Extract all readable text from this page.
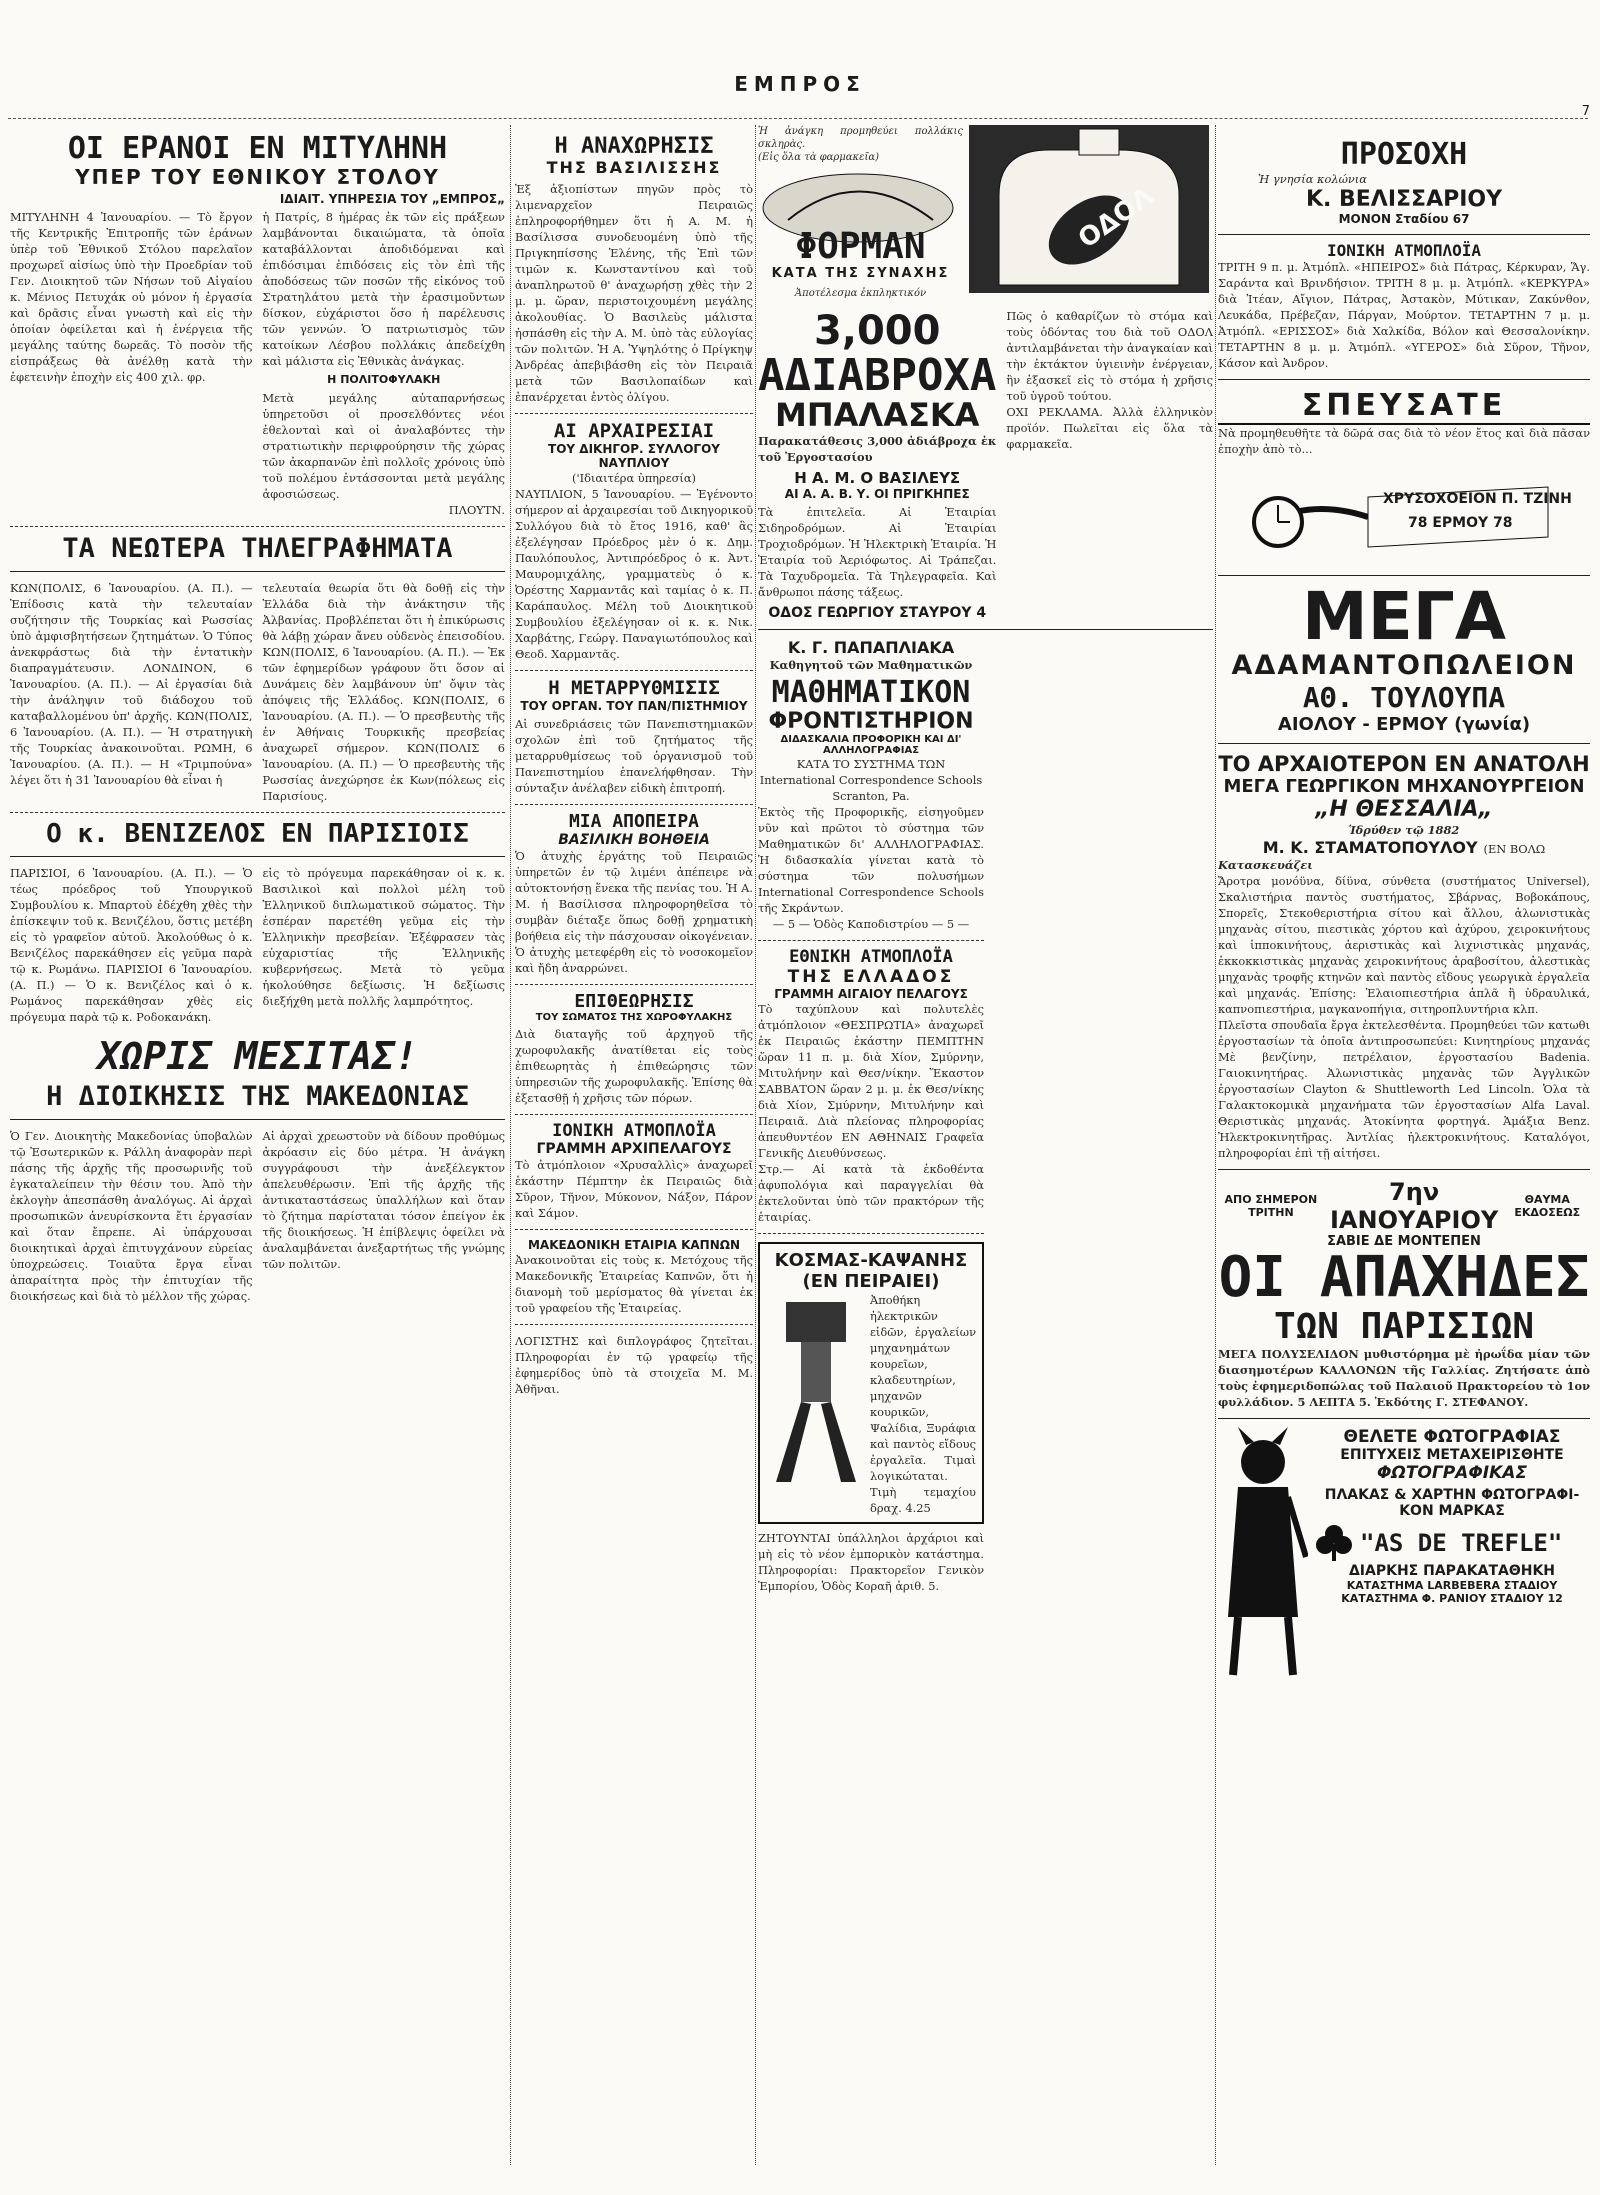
ΕΜΠΡΟΣ
7
ΟΙ ΕΡΑΝΟΙ ΕΝ ΜΙΤΥΛΗΝΗ
ΥΠΕΡ ΤΟΥ ΕΘΝΙΚΟΥ ΣΤΟΛΟΥ
ΙΔΙΑΙΤ. ΥΠΗΡΕΣΙΑ ΤΟΥ „ΕΜΠΡΟΣ„
ΜΙΤΥΛΗΝΗ 4 Ἰανουαρίου. — Τὸ ἔργον τῆς Κεντρικῆς Ἐπιτροπῆς τῶν ἐράνων ὑπὲρ τοῦ Ἐθνικοῦ Στόλου παρελαῖον προχωρεῖ αἰσίως ὑπὸ τὴν Προεδρίαν τοῦ Γεν. Διοικητοῦ τῶν Νήσων τοῦ Αἰγαίου κ. Μένιος Πετυχάκ οὐ μόνον ἡ ἐργασία καὶ δρᾶσις εἶναι γνωστὴ καὶ εἰς τὴν ὁποίαν ὀφείλεται καὶ ἡ ἐνέργεια τῆς μεγάλης ταύτης δωρεᾶς. Τὸ ποσὸν τῆς εἰσπράξεως θὰ ἀνέλθῃ κατὰ τὴν ἐφετεινὴν ἐποχὴν εἰς 400 χιλ. φρ.
ἡ Πατρίς, 8 ἡμέρας ἐκ τῶν εἰς πράξεων λαμβάνονται δικαιώματα, τὰ ὁποῖα καταβάλλονται ἀποδιδόμεναι καὶ ἐπιδόσιμαι ἐπιδόσεις εἰς τὸν ἐπὶ τῆς ἀποδόσεως τῶν ποσῶν τῆς εἰκόνος τοῦ Στρατηλάτου μετὰ τὴν ἐρασιμοῦντων δίσκον, εὐχάριστοι ὅσο ἡ παρέλευσις τῶν γεννών. Ὁ πατριωτισμὸς τῶν κατοίκων Λέσβου πολλάκις ἀπεδείχθη καὶ μάλιστα εἰς Ἐθνικὰς ἀνάγκας.
Η ΠΟΛΙΤΟΦΥΛΑΚΗ
Μετὰ μεγάλης αὐταπαρνήσεως ὑπηρετοῦσι οἱ προσελθόντες νέοι ἐθελονταὶ καὶ οἱ ἀναλαβόντες τὴν στρατιωτικὴν περιφρούρησιν τῆς χώρας τῶν ἀκαρπανῶν ἐπὶ πολλοῖς χρόνοις ὑπὸ τοῦ πολέμου ἐντάσσονται μετὰ μεγάλης ἀφοσιώσεως.
ΠΛΟΥΤΝ.
ΤΑ ΝΕΩΤΕΡΑ ΤΗΛΕΓΡΑΦΗΜΑΤΑ
ΚΩΝ(ΠΟΛΙΣ, 6 Ἰανουαρίου. (Α. Π.). — Ἐπίδοσις κατὰ τὴν τελευταίαν συζήτησιν τῆς Τουρκίας καὶ Ρωσσίας ὑπὸ ἀμφισβητήσεων ζητημάτων. Ὁ Τύπος ἀνεκφράστως διὰ τὴν ἐντατικὴν διαπραγμάτευσιν. ΛΟΝΔΙΝΟΝ, 6 Ἰανουαρίου. (Α. Π.). — Αἱ ἐργασίαι διὰ τὴν ἀνάληψιν τοῦ διάδοχου τοῦ καταβαλλομένου ὑπ' ἀρχῆς. ΚΩΝ(ΠΟΛΙΣ, 6 Ἰανουαρίου. (Α. Π.). — Ἡ στρατηγικὴ τῆς Τουρκίας ἀνακοινοῦται. ΡΩΜΗ, 6 Ἰανουαρίου. (Α. Π.). — Η «Τριμπούνα» λέγει ὅτι ἡ 31 Ἰανουαρίου θὰ εἶναι ἡ
τελευταία θεωρία ὅτι θὰ δοθῇ εἰς τὴν Ἑλλάδα διὰ τὴν ἀνάκτησιν τῆς Ἀλβανίας. Προβλέπεται ὅτι ἡ ἐπικύρωσις θὰ λάβῃ χώραν ἄνευ οὐδενὸς ἐπεισοδίου. ΚΩΝ(ΠΟΛΙΣ, 6 Ἰανουαρίου. (Α. Π.). — Ἐκ τῶν ἐφημερίδων γράφουν ὅτι ὅσον αἱ Δυνάμεις δὲν λαμβάνουν ὑπ' ὄψιν τὰς ἀπόψεις τῆς Ἑλλάδος. ΚΩΝ(ΠΟΛΙΣ, 6 Ἰανουαρίου. (Α. Π.). — Ὁ πρεσβευτὴς τῆς ἐν Ἀθήναις Τουρκικῆς πρεσβείας ἀναχωρεῖ σήμερον. ΚΩΝ(ΠΟΛΙΣ 6 Ἰανουαρίου. (Α. Π.) — Ὁ πρεσβευτὴς τῆς Ρωσσίας ἀνεχώρησε ἐκ Κων(πόλεως εἰς Παρισίους.
Ο κ. ΒΕΝΙΖΕΛΟΣ ΕΝ ΠΑΡΙΣΙΟΙΣ
ΠΑΡΙΣΙΟΙ, 6 Ἰανουαρίου. (Α. Π.). — Ὁ τέως πρόεδρος τοῦ Υπουργικοῦ Συμβουλίου κ. Μπαρτοὺ ἐδέχθη χθὲς τὴν ἐπίσκεψιν τοῦ κ. Βενιζέλου, ὅστις μετέβη εἰς τὸ γραφεῖον αὐτοῦ. Ἀκολούθως ὁ κ. Βενιζέλος παρεκάθησεν εἰς γεῦμα παρὰ τῷ κ. Ρωμάνω. ΠΑΡΙΣΙΟΙ 6 Ἰανουαρίου. (Α. Π.) — Ὁ κ. Βενιζέλος καὶ ὁ κ. Ρωμάνος παρεκάθησαν χθὲς εἰς πρόγευμα παρὰ τῷ κ. Ροδοκανάκη.
εἰς τὸ πρόγευμα παρεκάθησαν οἱ κ. κ. Βασιλικοὶ καὶ πολλοὶ μέλη τοῦ Ἑλληνικοῦ διπλωματικοῦ σώματος. Τὴν ἑσπέραν παρετέθη γεῦμα εἰς τὴν Ἑλληνικὴν πρεσβείαν. Ἐξέφρασεν τὰς εὐχαριστίας τῆς Ἑλληνικῆς κυβερνήσεως. Μετὰ τὸ γεῦμα ἠκολούθησε δεξίωσις. Ἡ δεξίωσις διεξήχθη μετὰ πολλῆς λαμπρότητος.
ΧΩΡΙΣ ΜΕΣΙΤΑΣ!
Η ΔΙΟΙΚΗΣΙΣ ΤΗΣ ΜΑΚΕΔΟΝΙΑΣ
Ὁ Γεν. Διοικητὴς Μακεδονίας ὑποβαλὼν τῷ Ἐσωτερικῶν κ. Ράλλη ἀναφορὰν περὶ πάσης τῆς ἀρχῆς τῆς προσωρινῆς τοῦ ἐγκαταλείπειν τὴν θέσιν του. Ἀπὸ τὴν ἐκλογὴν ἀπεσπάσθη ἀναλόγως. Αἱ ἀρχαὶ προσωπικῶν ἀνευρίσκοντα ἔτι ἐργασίαν καὶ ὅταν ἔπρεπε. Αἱ ὑπάρχουσαι διοικητικαὶ ἀρχαὶ ἐπιτυγχάνουν εὐρείας ὑποχρεώσεις. Τοιαῦτα ἔργα εἶναι ἀπαραίτητα πρὸς τὴν ἐπιτυχίαν τῆς διοικήσεως καὶ διὰ τὸ μέλλον τῆς χώρας.
Αἱ ἀρχαὶ χρεωστοῦν νὰ δίδουν προθύμως ἀκρόασιν εἰς δύο μέτρα. Ἡ ἀνάγκη συγγράφουσι τὴν ἀνεξέλεγκτον ἀπελευθέρωσιν. Ἐπὶ τῆς ἀρχῆς τῆς ἀντικαταστάσεως ὑπαλλήλων καὶ ὅταν τὸ ζήτημα παρίσταται τόσον ἐπείγον ἐκ τῆς διοικήσεως. Ἡ ἐπίβλεψις ὀφείλει νὰ ἀναλαμβάνεται ἀνεξαρτήτως τῆς γνώμης τῶν πολιτῶν.
Η ΑΝΑΧΩΡΗΣΙΣ
ΤΗΣ ΒΑΣΙΛΙΣΣΗΣ
Ἐξ ἀξιοπίστων πηγῶν πρὸς τὸ λιμεναρχεῖον Πειραιῶς ἐπληροφορήθημεν ὅτι ἡ Α. Μ. ἡ Βασίλισσα συνοδευομένη ὑπὸ τῆς Πριγκηπίσσης Ἑλένης, τῆς Ἐπὶ τῶν τιμῶν κ. Κωνσταντίνου καὶ τοῦ ἀναπληρωτοῦ θ' ἀναχωρήσῃ χθὲς τὴν 2 μ. μ. ὥραν, περιστοιχουμένη μεγάλης ἀκολουθίας. Ὁ Βασιλεὺς μάλιστα ἠσπάσθη εἰς τὴν Α. Μ. ὑπὸ τὰς εὐλογίας τῶν πολιτῶν. Ἡ Α. Ὑψηλότης ὁ Πρίγκηψ Ἀνδρέας ἀπεβιβάσθη εἰς τὸν Πειραιᾶ μετὰ τῶν Βασιλοπαίδων καὶ ἐπανέρχεται ἐντὸς ὀλίγου.
ΑΙ ΑΡΧΑΙΡΕΣΙΑΙ
ΤΟΥ ΔΙΚΗΓΟΡ. ΣΥΛΛΟΓΟΥ ΝΑΥΠΛΙΟΥ
('Ιδιαιτέρα ὑπηρεσία)
ΝΑΥΠΛΙΟΝ, 5 Ἰανουαρίου. — Ἐγένοντο σήμερον αἱ ἀρχαιρεσίαι τοῦ Δικηγορικοῦ Συλλόγου διὰ τὸ ἔτος 1916, καθ' ἃς ἐξελέγησαν Πρόεδρος μὲν ὁ κ. Δημ. Παυλόπουλος, Ἀντιπρόεδρος ὁ κ. Ἀντ. Μαυρομιχάλης, γραμματεὺς ὁ κ. Ὀρέστης Χαρμαντᾶς καὶ ταμίας ὁ κ. Π. Καράπαυλος. Μέλη τοῦ Διοικητικοῦ Συμβουλίου ἐξελέγησαν οἱ κ. κ. Νικ. Χαρβάτης, Γεώργ. Παναγιωτόπουλος καὶ Θεοδ. Χαρμαντᾶς.
Η ΜΕΤΑΡΡΥΘΜΙΣΙΣ
ΤΟΥ ΟΡΓΑΝ. ΤΟΥ ΠΑΝ/ΠΙΣΤΗΜΙΟΥ
Αἱ συνεδριάσεις τῶν Πανεπιστημιακῶν σχολῶν ἐπὶ τοῦ ζητήματος τῆς μεταρρυθμίσεως τοῦ ὀργανισμοῦ τοῦ Πανεπιστημίου ἐπανελήφθησαν. Τὴν σύνταξιν ἀνέλαβεν εἰδικὴ ἐπιτροπή.
ΜΙΑ ΑΠΟΠΕΙΡΑ
ΒΑΣΙΛΙΚΗ ΒΟΗΘΕΙΑ
Ὁ ἀτυχὴς ἐργάτης τοῦ Πειραιῶς ὑπηρετῶν ἐν τῷ λιμένι ἀπέπειρε νὰ αὐτοκτονήσῃ ἕνεκα τῆς πενίας του. Ἡ Α. Μ. ἡ Βασίλισσα πληροφορηθεῖσα τὸ συμβὰν διέταξε ὅπως δοθῇ χρηματικὴ βοήθεια εἰς τὴν πάσχουσαν οἰκογένειαν. Ὁ ἀτυχὴς μετεφέρθη εἰς τὸ νοσοκομεῖον καὶ ἤδη ἀναρρώνει.
ΕΠΙΘΕΩΡΗΣΙΣ
ΤΟΥ ΣΩΜΑΤΟΣ ΤΗΣ ΧΩΡΟΦΥΛΑΚΗΣ
Διὰ διαταγῆς τοῦ ἀρχηγοῦ τῆς χωροφυλακῆς ἀνατίθεται εἰς τοὺς ἐπιθεωρητὰς ἡ ἐπιθεώρησις τῶν ὑπηρεσιῶν τῆς χωροφυλακῆς. Ἐπίσης θὰ ἐξετασθῇ ἡ χρῆσις τῶν πόρων.
ΙΟΝΙΚΗ ΑΤΜΟΠΛΟΪΑ
ΓΡΑΜΜΗ ΑΡΧΙΠΕΛΑΓΟΥΣ
Τὸ ἀτμόπλοιον «Χρυσαλλὶς» ἀναχωρεῖ ἑκάστην Πέμπτην ἐκ Πειραιῶς διὰ Σῦρον, Τῆνον, Μύκονον, Νάξον, Πάρον καὶ Σάμον.
ΜΑΚΕΔΟΝΙΚΗ ΕΤΑΙΡΙΑ ΚΑΠΝΩΝ
Ἀνακοινοῦται εἰς τοὺς κ. Μετόχους τῆς Μακεδονικῆς Ἑταιρείας Καπνῶν, ὅτι ἡ διανομὴ τοῦ μερίσματος θὰ γίνεται ἐκ τοῦ γραφείου τῆς Ἑταιρείας.
ΛΟΓΙΣΤΗΣ καὶ διπλογράφος ζητεῖται. Πληροφορίαι ἐν τῷ γραφείῳ τῆς ἐφημερίδος ὑπὸ τὰ στοιχεῖα Μ. Μ. Ἀθῆναι.
Ἡ ἀνάγκη προμηθεύει πολλάκις σκληρὰς.
(Εἰς ὅλα τὰ φαρμακεῖα)
ΦΟΡΜΑΝ
ΚΑΤΑ ΤΗΣ ΣΥΝΑΧΗΣ
Ἀποτέλεσμα ἐκπληκτικόν
ΟΔΟΛ
3,000
ΑΔΙΑΒΡΟΧΑ
ΜΠΑΛΑΣΚΑ
Παρακατάθεσις 3,000 ἀδιάβροχα ἐκ τοῦ Ἐργοστασίου
Η Α. Μ. Ο ΒΑΣΙΛΕΥΣ
ΑΙ Α. Α. Β. Υ. ΟΙ ΠΡΙΓΚΗΠΕΣ
Τὰ ἐπιτελεῖα. Αἱ Ἑταιρίαι Σιδηροδρόμων. Αἱ Ἑταιρίαι Τροχιοδρόμων. Ἡ Ἠλεκτρικὴ Ἑταιρία. Ἡ Ἑταιρία τοῦ Ἀεριόφωτος. Αἱ Τράπεζαι. Τὰ Ταχυδρομεῖα. Τὰ Τηλεγραφεῖα. Καὶ ἄνθρωποι πάσης τάξεως.
ΟΔΟΣ ΓΕΩΡΓΙΟΥ ΣΤΑΥΡΟΥ 4
Πῶς ὁ καθαρίζων τὸ στόμα καὶ τοὺς ὀδόντας του διὰ τοῦ ΟΔΟΛ ἀντιλαμβάνεται τὴν ἀναγκαίαν καὶ τὴν ἐκτάκτον ὑγιεινὴν ἐνέργειαν, ἣν ἐξασκεῖ εἰς τὸ στόμα ἡ χρῆσις τοῦ ὑγροῦ τούτου.
ΟΧΙ ΡΕΚΛΑΜΑ. Ἀλλὰ ἐλληνικὸν προϊόν. Πωλεῖται εἰς ὅλα τὰ φαρμακεῖα.
Κ. Γ. ΠΑΠΑΠΛΙΑΚΑ
Καθηγητοῦ τῶν Μαθηματικῶν
ΜΑΘΗΜΑΤΙΚΟΝ
ΦΡΟΝΤΙΣΤΗΡΙΟΝ
ΔΙΔΑΣΚΑΛΙΑ ΠΡΟΦΟΡΙΚΗ ΚΑΙ ΔΙ' ΑΛΛΗΛΟΓΡΑΦΙΑΣ
ΚΑΤΑ ΤΟ ΣΥΣΤΗΜΑ ΤΩΝ
International Correspondence Schools Scranton, Pa.
Ἐκτὸς τῆς Προφορικῆς, εἰσηγοῦμεν νῦν καὶ πρῶτοι τὸ σύστημα τῶν Μαθηματικῶν δι' ΑΛΛΗΛΟΓΡΑΦΙΑΣ. Ἡ διδασκαλία γίνεται κατὰ τὸ σύστημα τῶν πολυσήμων International Correspondence Schools τῆς Σκράντων.
— 5 — Ὁδὸς Καποδιστρίου — 5 —
ΕΘΝΙΚΗ ΑΤΜΟΠΛΟΪΑ
ΤΗΣ ΕΛΛΑΔΟΣ
ΓΡΑΜΜΗ ΑΙΓΑΙΟΥ ΠΕΛΑΓΟΥΣ
Τὸ ταχύπλουν καὶ πολυτελὲς ἀτμόπλοιον «ΘΕΣΠΡΩΤΙΑ» ἀναχωρεῖ ἐκ Πειραιῶς ἑκάστην ΠΕΜΠΤΗΝ ὥραν 11 π. μ. διὰ Χίον, Σμύρνην, Μιτυλήνην καὶ Θεσ/νίκην. Ἕκαστον ΣΑΒΒΑΤΟΝ ὥραν 2 μ. μ. ἐκ Θεσ/νίκης διὰ Χίον, Σμύρνην, Μιτυλήνην καὶ Πειραιᾶ. Διὰ πλείονας πληροφορίας ἀπευθυντέον ΕΝ ΑΘΗΝΑΙΣ Γραφεῖα Γενικῆς Διευθύνσεως.
Στρ.— Αἱ κατὰ τὰ ἐκδοθέντα ἀφυπολόγια καὶ παραγγελίαι θὰ ἐκτελοῦνται ὑπὸ τῶν πρακτόρων τῆς ἑταιρίας.
ΚΟΣΜΑΣ-ΚΑΨΑΝΗΣ
(ΕΝ ΠΕΙΡΑΙΕΙ)
Ἀποθήκη ἠλεκτρικῶν εἰδῶν, ἐργαλείων μηχανημάτων κουρεῖων, κλαδευτηρίων, μηχανῶν κουρικῶν, Ψαλίδια, Ξυράφια καὶ παντὸς εἴδους ἐργαλεῖα. Τιμαὶ λογικώταται.
Τιμὴ τεμαχίου δραχ. 4.25
ΖΗΤΟΥΝΤΑΙ ὑπάλληλοι ἀρχάριοι καὶ μὴ εἰς τὸ νέον ἐμπορικὸν κατάστημα. Πληροφορίαι: Πρακτορεῖον Γενικὸν Ἐμπορίου, Ὁδὸς Κοραῆ ἀριθ. 5.
ΠΡΟΣΟΧΗ
Ἡ γνησία κολώνια
Κ. ΒΕΛΙΣΣΑΡΙΟΥ
ΜΟΝΟΝ Σταδίου 67
ΙΟΝΙΚΗ ΑΤΜΟΠΛΟΪΑ
ΤΡΙΤΗ 9 π. μ. Ἀτμόπλ. «ΗΠΕΙΡΟΣ» διὰ Πάτρας, Κέρκυραν, Ἅγ. Σαράντα καὶ Βρινδήσιον. ΤΡΙΤΗ 8 μ. μ. Ἀτμόπλ. «ΚΕΡΚΥΡΑ» διὰ Ἰτέαν, Αἴγιον, Πάτρας, Ἀστακὸν, Μύτικαν, Ζακύνθον, Λευκάδα, Πρέβεζαν, Πάργαν, Μούρτον. ΤΕΤΑΡΤΗΝ 7 μ. μ. Ἀτμόπλ. «ΕΡΙΣΣΟΣ» διὰ Χαλκίδα, Βόλον καὶ Θεσσαλονίκην. ΤΕΤΑΡΤΗΝ 8 μ. μ. Ἀτμόπλ. «ΥΓΕΡΟΣ» διὰ Σῦρον, Τῆνον, Κάσον καὶ Ἀνδρον.
ΣΠΕΥΣΑΤΕ
Νὰ προμηθευθῆτε τὰ δῶρά σας διὰ τὸ νέον ἔτος καὶ διὰ πᾶσαν ἐποχὴν ἀπὸ τὸ...
ΧΡΥΣΟΧΟΕΙΟΝ Π. ΤΖΙΝΗ
78 ΕΡΜΟΥ 78
ΜΕΓΑ
ΑΔΑΜΑΝΤΟΠΩΛΕΙΟΝ
ΑΘ. ΤΟΥΛΟΥΠΑ
ΑΙΟΛΟΥ - ΕΡΜΟΥ (γωνία)
ΤΟ ΑΡΧΑΙΟΤΕΡΟΝ ΕΝ ΑΝΑΤΟΛΗ
ΜΕΓΑ ΓΕΩΡΓΙΚΟΝ ΜΗΧΑΝΟΥΡΓΕΙΟΝ
„Η ΘΕΣΣΑΛΙΑ„
Ἱδρύθεν τῷ 1882
Μ. Κ. ΣΤΑΜΑΤΟΠΟΥΛΟΥ (ΕΝ ΒΟΛΩ
Κατασκευάζει
Ἄροτρα μονόϋνα, δίϋνα, σύνθετα (συστήματος Universel), Σκαλιστήρια παντὸς συστήματος, Σβάρνας, Βοβοκάπους, Σπορεῖς, Στεκοθεριστήρια σίτου καὶ ἄλλου, ἁλωνιστικὰς μηχανὰς σίτου, πιεστικὰς χόρτου καὶ ἀχύρου, χειροκινήτους καὶ ἱπποκινήτους, ἀεριστικὰς καὶ λιχνιστικὰς μηχανάς, ἐκκοκκιστικὰς μηχανὰς χειροκινήτους ἀραβοσίτου, ἀλεστικὰς μηχανὰς τροφῆς κτηνῶν καὶ παντὸς εἴδους γεωργικὰ ἐργαλεῖα καὶ μηχανάς. Ἐπίσης: Ἐλαιοπιεστήρια ἁπλᾶ ἢ ὑδραυλικά, καπνοπιεστήρια, μαγκανοπήγια, σιτηροπλυντήρια κλπ.
Πλεῖστα σπουδαῖα ἔργα ἐκτελεσθέντα. Προμηθεύει τῶν κατωθι ἐργοστασίων τὰ ὁποῖα ἀντιπροσωπεύει: Κινητηρίους μηχανάς Μὲ βενζίνην, πετρέλαιον, ἐργοστασίου Badenia. Γαιοκινητήρας. Ἀλωνιστικὰς μηχανὰς τῶν Ἀγγλικῶν ἐργοστασίων Clayton & Shuttleworth Led Lincoln. Ὁλα τὰ Γαλακτοκομικὰ μηχανήματα τῶν ἐργοστασίων Alfa Laval. Θεριστικὰς μηχανάς. Ἀτοκίνητα φορτηγά. Ἁμάξια Benz. Ἠλεκτροκινητῆρας. Ἀντλίας ἠλεκτροκινήτους. Καταλόγοι, πληροφορίαι ἐπὶ τῇ αἰτήσει.
ΑΠΟ ΣΗΜΕΡΟΝ ΤΡΙΤΗΝ
7ην ΙΑΝΟΥΑΡΙΟΥ
ΘΑΥΜΑ ΕΚΔΟΣΕΩΣ
ΣΑΒΙΕ ΔΕ ΜΟΝΤΕΠΕΝ
ΟΙ ΑΠΑΧΗΔΕΣ
ΤΩΝ ΠΑΡΙΣΙΩΝ
ΜΕΓΑ ΠΟΛΥΣΕΛΙΔΟΝ μυθιστόρημα μὲ ἠρωΐδα μίαν τῶν διασημοτέρων ΚΑΛΛΟΝΩΝ τῆς Γαλλίας. Ζητήσατε ἀπὸ τοὺς ἐφημεριδοπώλας τοῦ Παλαιοῦ Πρακτορείου τὸ 1ον φυλλάδιον. 5 ΛΕΠΤΑ 5. Ἐκδότης Γ. ΣΤΕΦΑΝΟΥ.
ΘΕΛΕΤΕ ΦΩΤΟΓΡΑΦΙΑΣ
ΕΠΙΤΥΧΕΙΣ ΜΕΤΑΧΕΙΡΙΣΘΗΤΕ
ΦΩΤΟΓΡΑΦΙΚΑΣ
ΠΛΑΚΑΣ & ΧΑΡΤΗΝ ΦΩΤΟΓΡΑΦΙ-
ΚΟΝ ΜΑΡΚΑΣ
"AS DE TREFLE"
ΔΙΑΡΚΗΣ ΠΑΡΑΚΑΤΑΘΗΚΗ
ΚΑΤΑΣΤΗΜΑ LARBEBERA ΣΤΑΔΙΟΥ
ΚΑΤΑΣΤΗΜΑ Φ. ΡΑΝΙΟΥ ΣΤΑΔΙΟΥ 12
